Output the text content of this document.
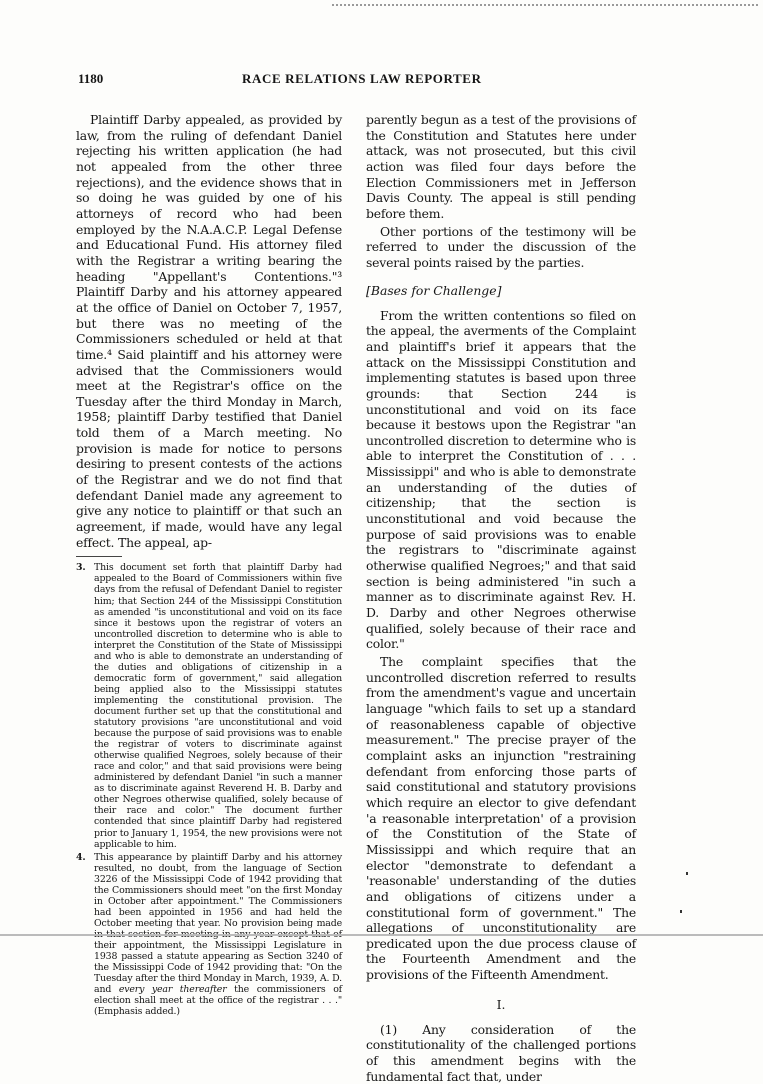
1180	RACE RELATIONS LAW REPORTER

Plaintiff Darby appealed, as provided by law, from the ruling of defendant Daniel rejecting his written application (he had not appealed from the other three rejections), and the evidence shows that in so doing he was guided by one of his attorneys of record who had been employed by the N.A.A.C.P. Legal Defense and Educational Fund. His attorney filed with the Registrar a writing bearing the heading "Appellant's Contentions."³ Plaintiff Darby and his attorney appeared at the office of Daniel on October 7, 1957, but there was no meeting of the Commissioners scheduled or held at that time.⁴ Said plaintiff and his attorney were advised that the Commissioners would meet at the Registrar's office on the Tuesday after the third Monday in March, 1958; plaintiff Darby testified that Daniel told them of a March meeting. No provision is made for notice to persons desiring to present contests of the actions of the Registrar and we do not find that defendant Daniel made any agreement to give any notice to plaintiff or that such an agreement, if made, would have any legal effect. The appeal, ap-

3. This document set forth that plaintiff Darby had appealed to the Board of Commissioners within five days from the refusal of Defendant Daniel to register him; that Section 244 of the Mississippi Constitution as amended "is unconstitutional and void on its face since it bestows upon the registrar of voters an uncontrolled discretion to determine who is able to interpret the Constitution of the State of Mississippi and who is able to demonstrate an understanding of the duties and obligations of citizenship in a democratic form of government," said allegation being applied also to the Mississippi statutes implementing the constitutional provision. The document further set up that the constitutional and statutory provisions "are unconstitutional and void because the purpose of said provisions was to enable the registrar of voters to discriminate against otherwise qualified Negroes, solely because of their race and color," and that said provisions were being administered by defendant Daniel "in such a manner as to discriminate against Reverend H. B. Darby and other Negroes otherwise qualified, solely because of their race and color." The document further contended that since plaintiff Darby had registered prior to January 1, 1954, the new provisions were not applicable to him.
4. This appearance by plaintiff Darby and his attorney resulted, no doubt, from the language of Section 3226 of the Mississippi Code of 1942 providing that the Commissioners should meet "on the first Monday in October after appointment." The Commissioners had been appointed in 1956 and had held the October meeting that year. No provision being made in that section for meeting in any year except that of their appointment, the Mississippi Legislature in 1938 passed a statute appearing as Section 3240 of the Mississippi Code of 1942 providing that: "On the Tuesday after the third Monday in March, 1939, A. D. and every year thereafter the commissioners of election shall meet at the office of the registrar . . ." (Emphasis added.)

parently begun as a test of the provisions of the Constitution and Statutes here under attack, was not prosecuted, but this civil action was filed four days before the Election Commissioners met in Jefferson Davis County. The appeal is still pending before them.

Other portions of the testimony will be referred to under the discussion of the several points raised by the parties.

[Bases for Challenge]

From the written contentions so filed on the appeal, the averments of the Complaint and plaintiff's brief it appears that the attack on the Mississippi Constitution and implementing statutes is based upon three grounds: that Section 244 is unconstitutional and void on its face because it bestows upon the Registrar "an uncontrolled discretion to determine who is able to interpret the Constitution of . . . Mississippi" and who is able to demonstrate an understanding of the duties of citizenship; that the section is unconstitutional and void because the purpose of said provisions was to enable the registrars to "discriminate against otherwise qualified Negroes;" and that said section is being administered "in such a manner as to discriminate against Rev. H. D. Darby and other Negroes otherwise qualified, solely because of their race and color."

The complaint specifies that the uncontrolled discretion referred to results from the amendment's vague and uncertain language "which fails to set up a standard of reasonableness capable of objective measurement." The precise prayer of the complaint asks an injunction "restraining defendant from enforcing those parts of said constitutional and statutory provisions which require an elector to give defendant 'a reasonable interpretation' of a provision of the Constitution of the State of Mississippi and which require that an elector "demonstrate to defendant a 'reasonable' understanding of the duties and obligations of citizens under a constitutional form of government." The allegations of unconstitutionality are predicated upon the due process clause of the Fourteenth Amendment and the provisions of the Fifteenth Amendment.

I.

(1) Any consideration of the constitutionality of the challenged portions of this amendment begins with the fundamental fact that, under
